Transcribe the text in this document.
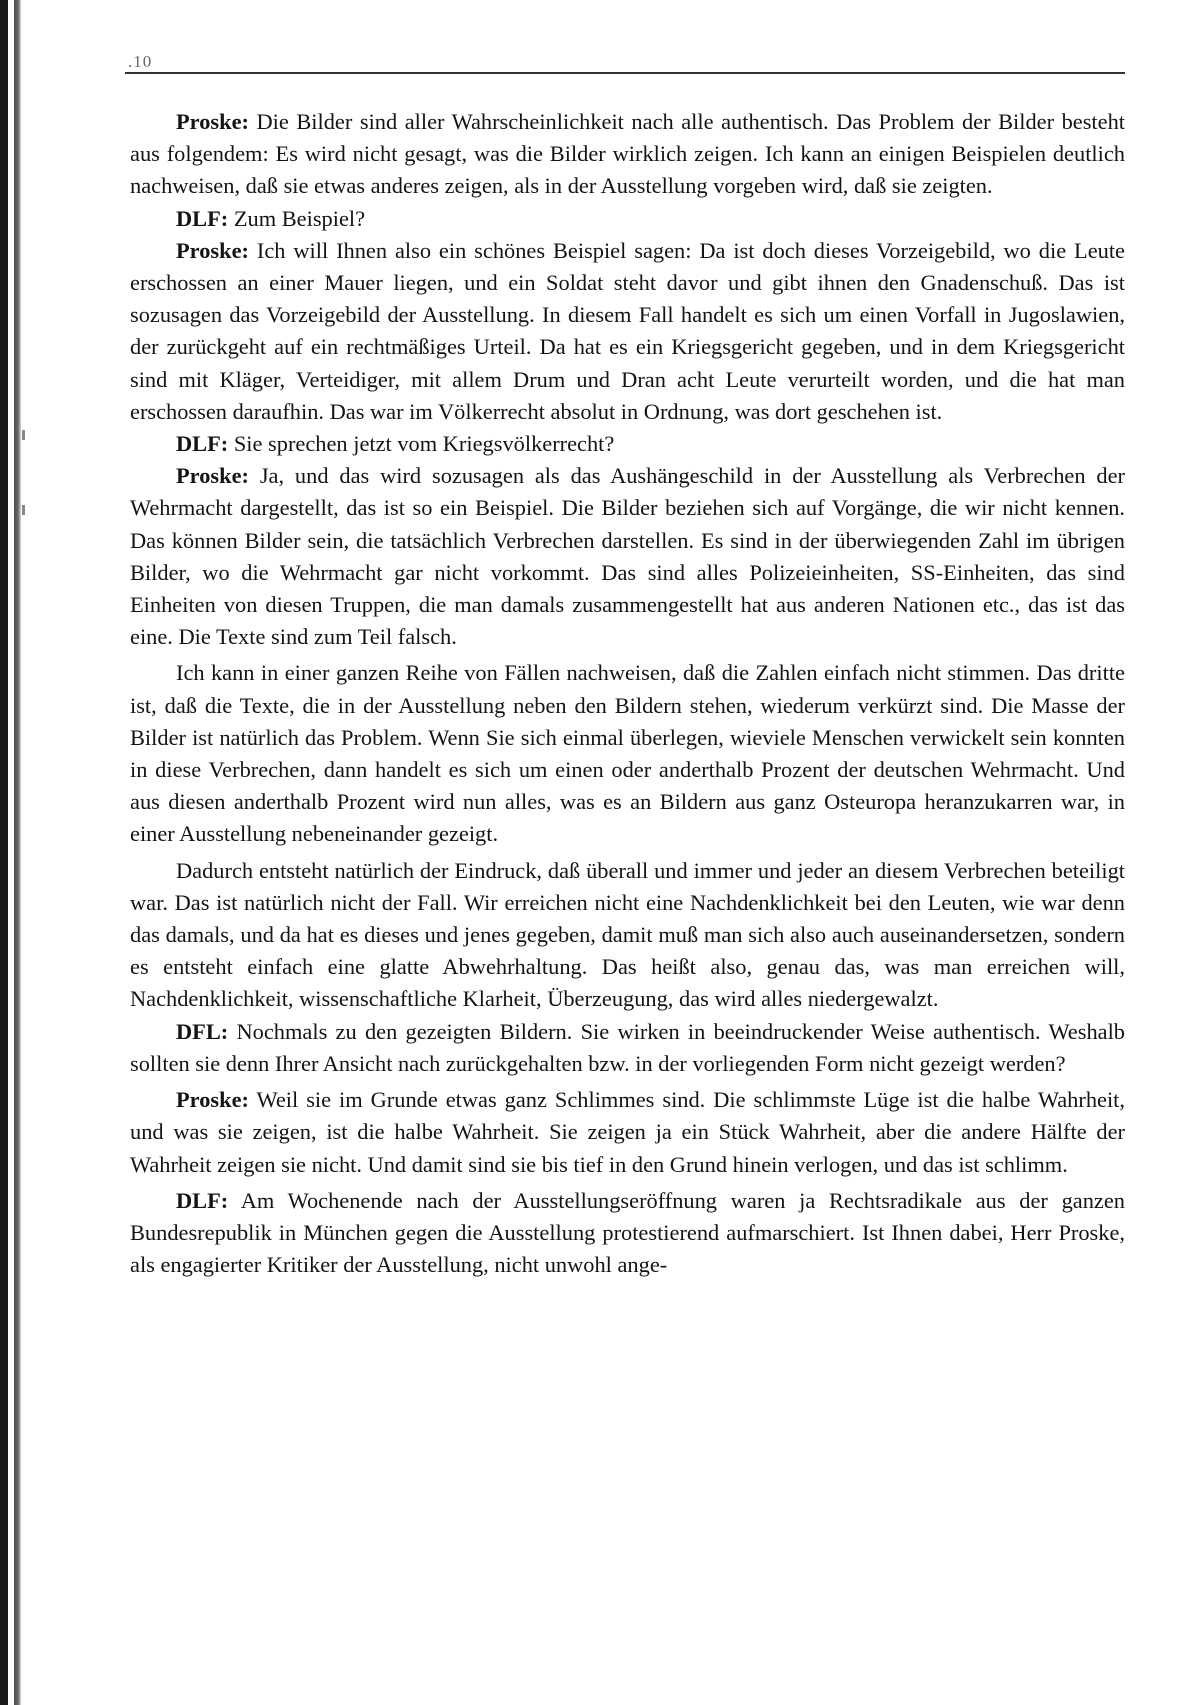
.10

Proske: Die Bilder sind aller Wahrscheinlichkeit nach alle authentisch. Das Problem der Bilder besteht aus folgendem: Es wird nicht gesagt, was die Bilder wirklich zeigen. Ich kann an einigen Beispielen deutlich nachweisen, daß sie etwas anderes zeigen, als in der Ausstellung vorgeben wird, daß sie zeigten.

DLF: Zum Beispiel?

Proske: Ich will Ihnen also ein schönes Beispiel sagen: Da ist doch dieses Vorzeigebild, wo die Leute erschossen an einer Mauer liegen, und ein Soldat steht davor und gibt ihnen den Gnadenschuß. Das ist sozusagen das Vorzeigebild der Ausstellung. In diesem Fall handelt es sich um einen Vorfall in Jugoslawien, der zurückgeht auf ein rechtmäßiges Urteil. Da hat es ein Kriegsgericht gegeben, und in dem Kriegsgericht sind mit Kläger, Verteidiger, mit allem Drum und Dran acht Leute verurteilt worden, und die hat man erschossen daraufhin. Das war im Völkerrecht absolut in Ordnung, was dort geschehen ist.

DLF: Sie sprechen jetzt vom Kriegsvölkerrecht?

Proske: Ja, und das wird sozusagen als das Aushängeschild in der Ausstellung als Verbrechen der Wehrmacht dargestellt, das ist so ein Beispiel. Die Bilder beziehen sich auf Vorgänge, die wir nicht kennen. Das können Bilder sein, die tatsächlich Verbrechen darstellen. Es sind in der überwiegenden Zahl im übrigen Bilder, wo die Wehrmacht gar nicht vorkommt. Das sind alles Polizeieinheiten, SS-Einheiten, das sind Einheiten von diesen Truppen, die man damals zusammengestellt hat aus anderen Nationen etc., das ist das eine. Die Texte sind zum Teil falsch.

Ich kann in einer ganzen Reihe von Fällen nachweisen, daß die Zahlen einfach nicht stimmen. Das dritte ist, daß die Texte, die in der Ausstellung neben den Bildern stehen, wiederum verkürzt sind. Die Masse der Bilder ist natürlich das Problem. Wenn Sie sich einmal überlegen, wieviele Menschen verwickelt sein konnten in diese Verbrechen, dann handelt es sich um einen oder anderthalb Prozent der deutschen Wehrmacht. Und aus diesen anderthalb Prozent wird nun alles, was es an Bildern aus ganz Osteuropa heranzukarren war, in einer Ausstellung nebeneinander gezeigt.

Dadurch entsteht natürlich der Eindruck, daß überall und immer und jeder an diesem Verbrechen beteiligt war. Das ist natürlich nicht der Fall. Wir erreichen nicht eine Nachdenklichkeit bei den Leuten, wie war denn das damals, und da hat es dieses und jenes gegeben, damit muß man sich also auch auseinandersetzen, sondern es entsteht einfach eine glatte Abwehrhaltung. Das heißt also, genau das, was man erreichen will, Nachdenklichkeit, wissenschaftliche Klarheit, Überzeugung, das wird alles niedergewalzt.

DFL: Nochmals zu den gezeigten Bildern. Sie wirken in beeindruckender Weise authentisch. Weshalb sollten sie denn Ihrer Ansicht nach zurückgehalten bzw. in der vorliegenden Form nicht gezeigt werden?

Proske: Weil sie im Grunde etwas ganz Schlimmes sind. Die schlimmste Lüge ist die halbe Wahrheit, und was sie zeigen, ist die halbe Wahrheit. Sie zeigen ja ein Stück Wahrheit, aber die andere Hälfte der Wahrheit zeigen sie nicht. Und damit sind sie bis tief in den Grund hinein verlogen, und das ist schlimm.

DLF: Am Wochenende nach der Ausstellungseröffnung waren ja Rechtsradikale aus der ganzen Bundesrepublik in München gegen die Ausstellung protestierend aufmarschiert. Ist Ihnen dabei, Herr Proske, als engagierter Kritiker der Ausstellung, nicht unwohl ange-
